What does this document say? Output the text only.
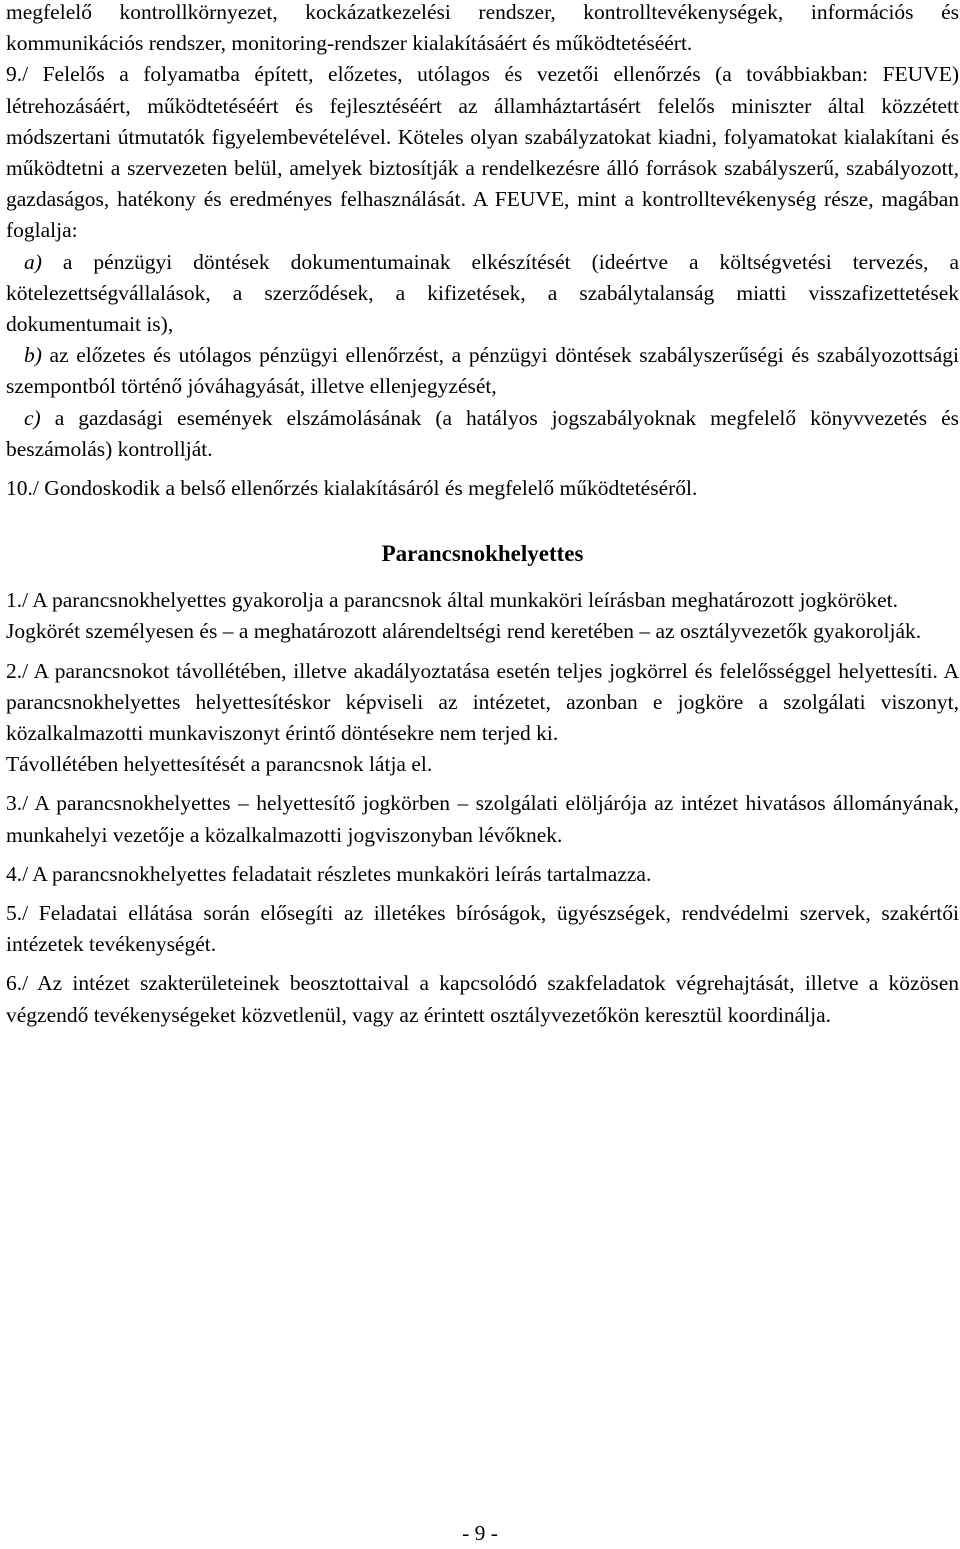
megfelelő kontrollkörnyezet, kockázatkezelési rendszer, kontrolltevékenységek, információs és kommunikációs rendszer, monitoring-rendszer kialakításáért és működtetéséért.

9./ Felelős a folyamatba épített, előzetes, utólagos és vezetői ellenőrzés (a továbbiakban: FEUVE) létrehozásáért, működtetéséért és fejlesztéséért az államháztartásért felelős miniszter által közzétett módszertani útmutatók figyelembevételével. Köteles olyan szabályzatokat kiadni, folyamatokat kialakítani és működtetni a szervezeten belül, amelyek biztosítják a rendelkezésre álló források szabályszerű, szabályozott, gazdaságos, hatékony és eredményes felhasználását. A FEUVE, mint a kontrolltevékenység része, magában foglalja:

a) a pénzügyi döntések dokumentumainak elkészítését (ideértve a költségvetési tervezés, a kötelezettségvállalások, a szerződések, a kifizetések, a szabálytalanság miatti visszafizettetések dokumentumait is),

b) az előzetes és utólagos pénzügyi ellenőrzést, a pénzügyi döntések szabályszerűségi és szabályozottsági szempontból történő jóváhagyását, illetve ellenjegyzését,

c) a gazdasági események elszámolásának (a hatályos jogszabályoknak megfelelő könyvvezetés és beszámolás) kontrollját.

10./ Gondoskodik a belső ellenőrzés kialakításáról és megfelelő működtetéséről.

Parancsnokhelyettes

1./ A parancsnokhelyettes gyakorolja a parancsnok által munkaköri leírásban meghatározott jogköröket.

Jogkörét személyesen és – a meghatározott alárendeltségi rend keretében – az osztályvezetők gyakorolják.

2./ A parancsnokot távollétében, illetve akadályoztatása esetén teljes jogkörrel és felelősséggel helyettesíti. A parancsnokhelyettes helyettesítéskor képviseli az intézetet, azonban e jogköre a szolgálati viszonyt, közalkalmazotti munkaviszonyt érintő döntésekre nem terjed ki.

Távollétében helyettesítését a parancsnok látja el.

3./ A parancsnokhelyettes – helyettesítő jogkörben – szolgálati elöljárója az intézet hivatásos állományának, munkahelyi vezetője a közalkalmazotti jogviszonyban lévőknek.

4./ A parancsnokhelyettes feladatait részletes munkaköri leírás tartalmazza.

5./ Feladatai ellátása során elősegíti az illetékes bíróságok, ügyészségek, rendvédelmi szervek, szakértői intézetek tevékenységét.

6./ Az intézet szakterületeinek beosztottaival a kapcsolódó szakfeladatok végrehajtását, illetve a közösen végzendő tevékenységeket közvetlenül, vagy az érintett osztályvezetőkön keresztül koordinálja.

- 9 -
